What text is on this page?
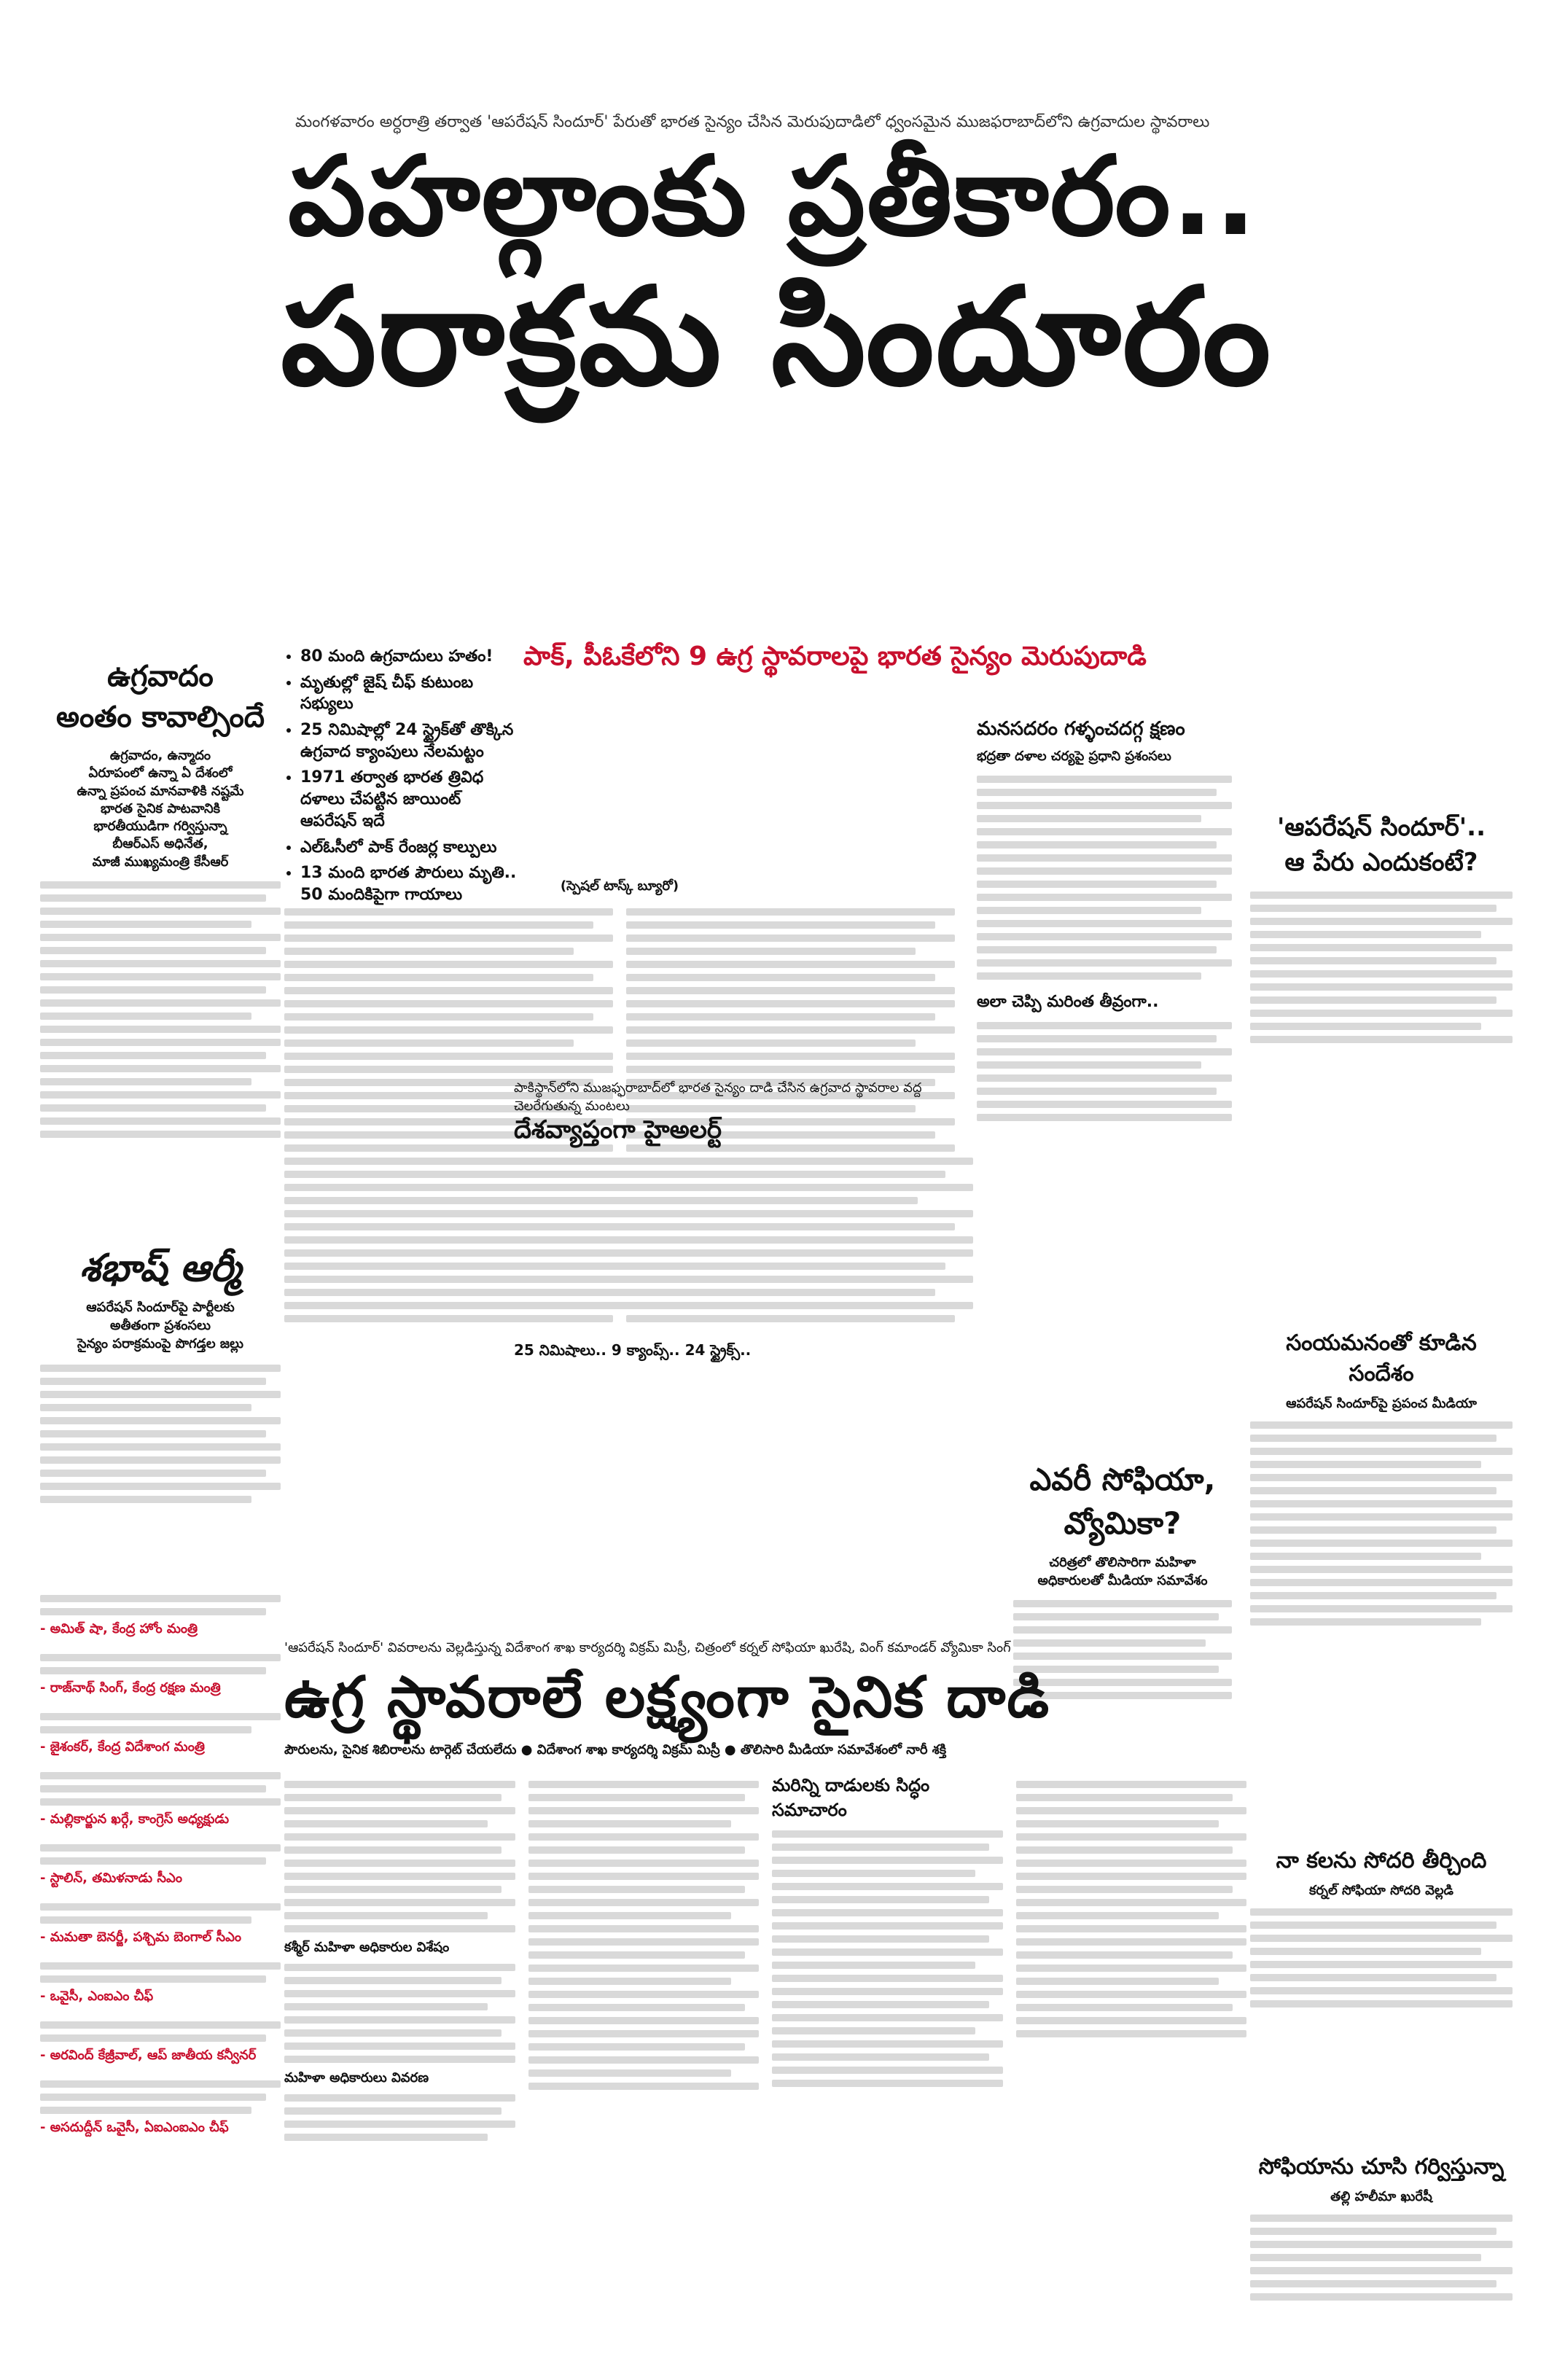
మంగళవారం అర్ధరాత్రి తర్వాత 'ఆపరేషన్ సిందూర్' పేరుతో భారత సైన్యం చేసిన మెరుపుదాడిలో ధ్వంసమైన ముజఫరాబాద్‌లోని ఉగ్రవాదుల స్థావరాలు
పహల్గాంకు ప్రతీకారం..
పరాక్రమ సిందూరం
పాక్, పీఓకేలోని 9 ఉగ్ర స్థావరాలపై భారత సైన్యం మెరుపుదాడి
• 80 మంది ఉగ్రవాదులు హతం!
• మృతుల్లో జైష్ చీఫ్ కుటుంబ సభ్యులు
• 25 నిమిషాల్లో 24 స్ట్రైక్‌తో తొక్కిన ఉగ్రవాద క్యాంపులు నేలమట్టం
• 1971 తర్వాత భారత త్రివిధ దళాలు చేపట్టిన జాయింట్ ఆపరేషన్ ఇదే
• ఎల్ఓసీలో పాక్ రేంజర్ల కాల్పులు
• 13 మంది భారత పౌరులు మృతి.. 50 మందికిపైగా గాయాలు
ఉగ్రవాదం
అంతం కావాల్సిందే
ఉగ్రవాదం, ఉన్మాదం
ఏరూపంలో ఉన్నా ఏ దేశంలో
ఉన్నా ప్రపంచ మానవాళికి నష్టమే
భారత సైనిక పాటవానికి
భారతీయుడిగా గర్విస్తున్నా
బీఆర్ఎస్ అధినేత,
మాజీ ముఖ్యమంత్రి కేసీఆర్
శభాష్ ఆర్మీ
ఆపరేషన్ సిందూర్‌పై పార్టీలకు
అతీతంగా ప్రశంసలు
సైన్యం పరాక్రమంపై పొగడ్తల జల్లు
- అమిత్ షా, కేంద్ర హోం మంత్రి
- రాజ్‌నాథ్ సింగ్, కేంద్ర రక్షణ మంత్రి
- జైశంకర్, కేంద్ర విదేశాంగ మంత్రి
- మల్లికార్జున ఖర్గే, కాంగ్రెస్ అధ్యక్షుడు
- స్టాలిన్, తమిళనాడు సీఎం
- మమతా బెనర్జీ, పశ్చిమ బెంగాల్ సీఎం
- ఒవైసీ, ఎంఐఎం చీఫ్
- అరవింద్ కేజ్రీవాల్, ఆప్ జాతీయ కన్వీనర్
- అసదుద్దీన్ ఒవైసీ, ఏఐఎంఐఎం చీఫ్
(స్పెషల్ టాస్క్ బ్యూరో)
పాకిస్థాన్‌లోని ముజఫ్ఫరాబాద్‌లో భారత సైన్యం దాడి చేసిన ఉగ్రవాద స్థావరాల వద్ద చెలరేగుతున్న మంటలు
దేశవ్యాప్తంగా హైఅలర్ట్
25 నిమిషాలు.. 9 క్యాంప్స్.. 24 స్ట్రైక్స్..
మనసదరం గళ్ళంచదగ్గ క్షణం
భద్రతా దళాల చర్యపై ప్రధాని ప్రశంసలు
అలా చెప్పి మరింత తీవ్రంగా..
ఎవరీ సోఫియా,
వ్యోమికా?
చరిత్రలో తొలిసారిగా మహిళా
అధికారులతో మీడియా సమావేశం
'ఆపరేషన్ సిందూర్'..
ఆ పేరు ఎందుకంటే?
సంయమనంతో కూడిన సందేశం
ఆపరేషన్ సిందూర్‌పై ప్రపంచ మీడియా
నా కలను సోదరి తీర్చింది
కర్నల్ సోఫియా సోదరి వెల్లడి
సోఫియాను చూసి గర్విస్తున్నా
తల్లి హలీమా ఖురేషీ
'ఆపరేషన్ సిందూర్' వివరాలను వెల్లడిస్తున్న విదేశాంగ శాఖ కార్యదర్శి విక్రమ్ మిస్రీ, చిత్రంలో కర్నల్ సోఫియా ఖురేషి, వింగ్ కమాండర్ వ్యోమికా సింగ్
ఉగ్ర స్థావరాలే లక్ష్యంగా సైనిక దాడి
పౌరులను, సైనిక శిబిరాలను టార్గెట్ చేయలేదు ● విదేశాంగ శాఖ కార్యదర్శి విక్రమ్ మిస్రీ ● తొలిసారి మీడియా సమావేశంలో నారీ శక్తి
కశ్మీర్ మహిళా అధికారుల విశేషం
మహిళా అధికారులు వివరణ
మరిన్ని దాడులకు సిద్ధం సమాచారం
